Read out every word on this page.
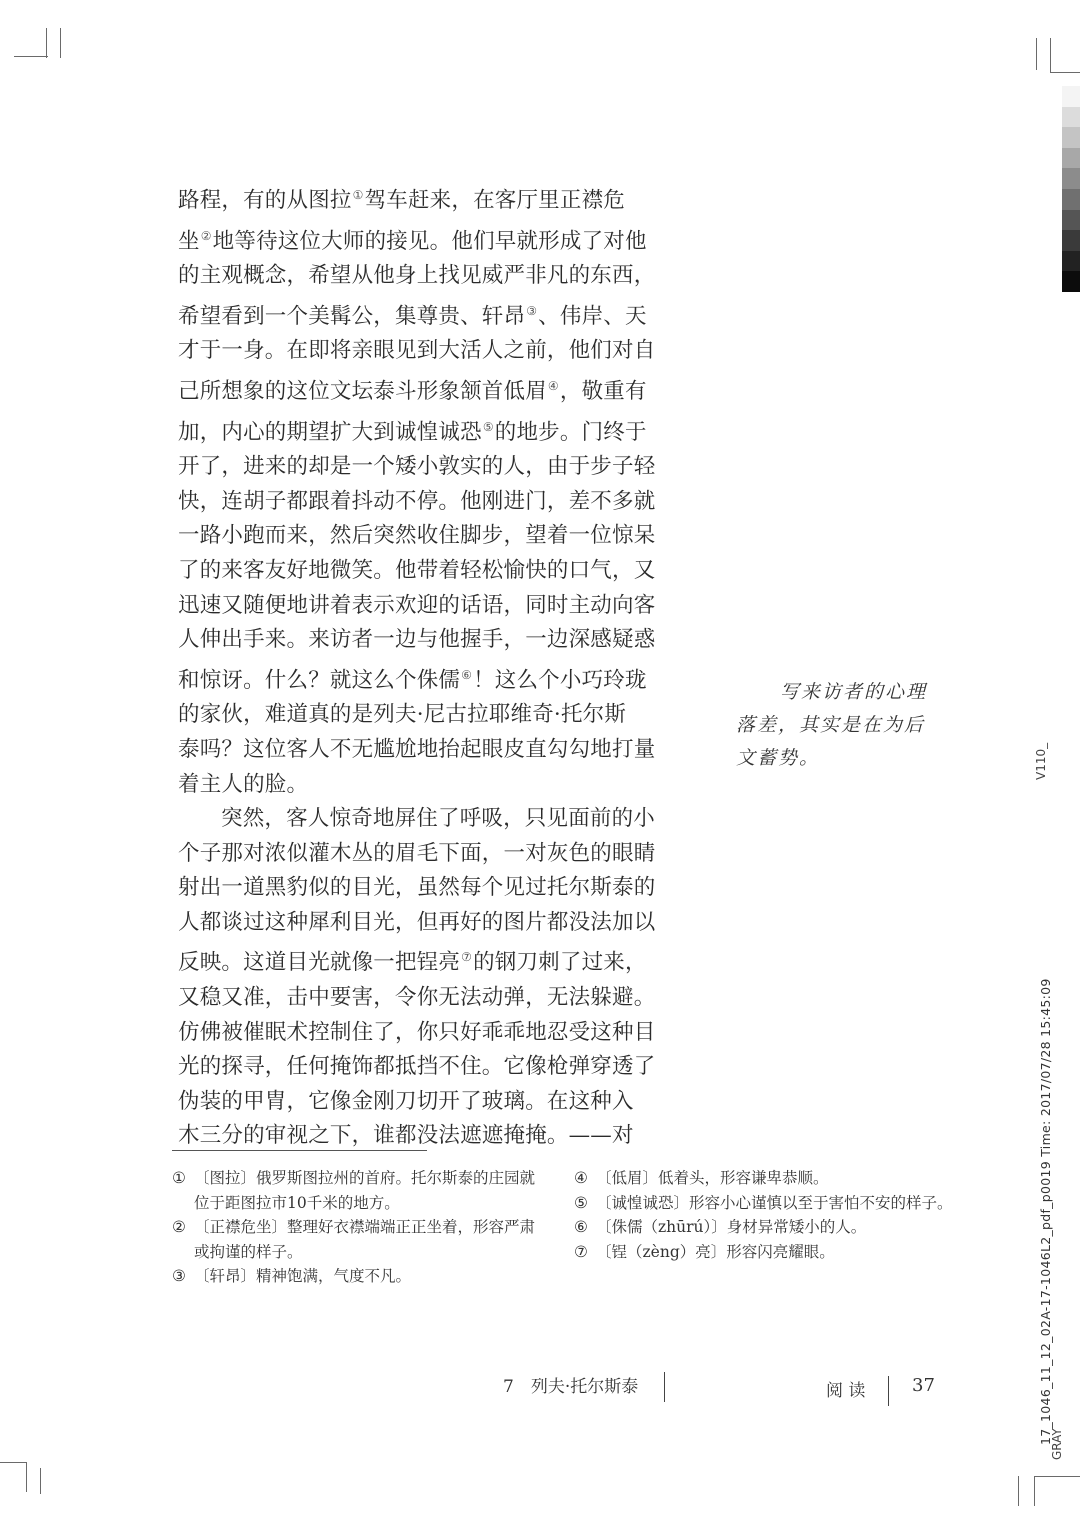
路程，有的从图拉①驾车赶来，在客厅里正襟危
坐②地等待这位大师的接见。他们早就形成了对他
的主观概念，希望从他身上找见威严非凡的东西，
希望看到一个美髯公，集尊贵、轩昂③、伟岸、天
才于一身。在即将亲眼见到大活人之前，他们对自
己所想象的这位文坛泰斗形象颔首低眉④，敬重有
加，内心的期望扩大到诚惶诚恐⑤的地步。门终于
开了，进来的却是一个矮小敦实的人，由于步子轻
快，连胡子都跟着抖动不停。他刚进门，差不多就
一路小跑而来，然后突然收住脚步，望着一位惊呆
了的来客友好地微笑。他带着轻松愉快的口气，又
迅速又随便地讲着表示欢迎的话语，同时主动向客
人伸出手来。来访者一边与他握手，一边深感疑惑
和惊讶。什么？就这么个侏儒⑥！这么个小巧玲珑
的家伙，难道真的是列夫·尼古拉耶维奇·托尔斯
泰吗？这位客人不无尴尬地抬起眼皮直勾勾地打量
着主人的脸。
突然，客人惊奇地屏住了呼吸，只见面前的小
个子那对浓似灌木丛的眉毛下面，一对灰色的眼睛
射出一道黑豹似的目光，虽然每个见过托尔斯泰的
人都谈过这种犀利目光，但再好的图片都没法加以
反映。这道目光就像一把锃亮⑦的钢刀刺了过来，
又稳又准，击中要害，令你无法动弹，无法躲避。
仿佛被催眠术控制住了，你只好乖乖地忍受这种目
光的探寻，任何掩饰都抵挡不住。它像枪弹穿透了
伪装的甲胄，它像金刚刀切开了玻璃。在这种入
木三分的审视之下，谁都没法遮遮掩掩。——对
写来访者的心理
落差，其实是在为后
文蓄势。	V110_
17_1046_11_12_02A-17-1046L2_pdf_p0019 Time: 2017/07/28 15:45:09
GRAY
① 〔图拉〕俄罗斯图拉州的首府。托尔斯泰的庄园就位于距图拉市10千米的地方。
② 〔正襟危坐〕整理好衣襟端端正正坐着，形容严肃或拘谨的样子。
③ 〔轩昂〕精神饱满，气度不凡。
④ 〔低眉〕低着头，形容谦卑恭顺。
⑤ 〔诚惶诚恐〕形容小心谨慎以至于害怕不安的样子。
⑥ 〔侏儒（zhūrú）〕身材异常矮小的人。
⑦ 〔锃（zèng）亮〕形容闪亮耀眼。
7　列夫·托尔斯泰	阅 读	37
